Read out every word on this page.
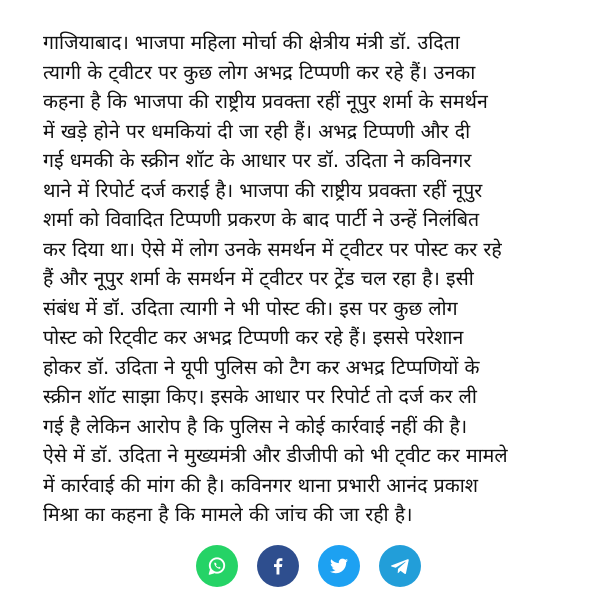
गाजियाबाद। भाजपा महिला मोर्चा की क्षेत्रीय मंत्री डॉ. उदिता
त्यागी के ट्वीटर पर कुछ लोग अभद्र टिप्पणी कर रहे हैं। उनका
कहना है कि भाजपा की राष्ट्रीय प्रवक्ता रहीं नूपुर शर्मा के समर्थन
में खड़े होने पर धमकियां दी जा रही हैं। अभद्र टिप्पणी और दी
गई धमकी के स्क्रीन शॉट के आधार पर डॉ. उदिता ने कविनगर
थाने में रिपोर्ट दर्ज कराई है। भाजपा की राष्ट्रीय प्रवक्ता रहीं नूपुर
शर्मा को विवादित टिप्पणी प्रकरण के बाद पार्टी ने उन्हें निलंबित
कर दिया था। ऐसे में लोग उनके समर्थन में ट्वीटर पर पोस्ट कर रहे
हैं और नूपुर शर्मा के समर्थन में ट्वीटर पर ट्रेंड चल रहा है। इसी
संबंध में डॉ. उदिता त्यागी ने भी पोस्ट की। इस पर कुछ लोग
पोस्ट को रिट्वीट कर अभद्र टिप्पणी कर रहे हैं। इससे परेशान
होकर डॉ. उदिता ने यूपी पुलिस को टैग कर अभद्र टिप्पणियों के
स्क्रीन शॉट साझा किए। इसके आधार पर रिपोर्ट तो दर्ज कर ली
गई है लेकिन आरोप है कि पुलिस ने कोई कार्रवाई नहीं की है।
ऐसे में डॉ. उदिता ने मुख्यमंत्री और डीजीपी को भी ट्वीट कर मामले
में कार्रवाई की मांग की है। कविनगर थाना प्रभारी आनंद प्रकाश
मिश्रा का कहना है कि मामले की जांच की जा रही है।
